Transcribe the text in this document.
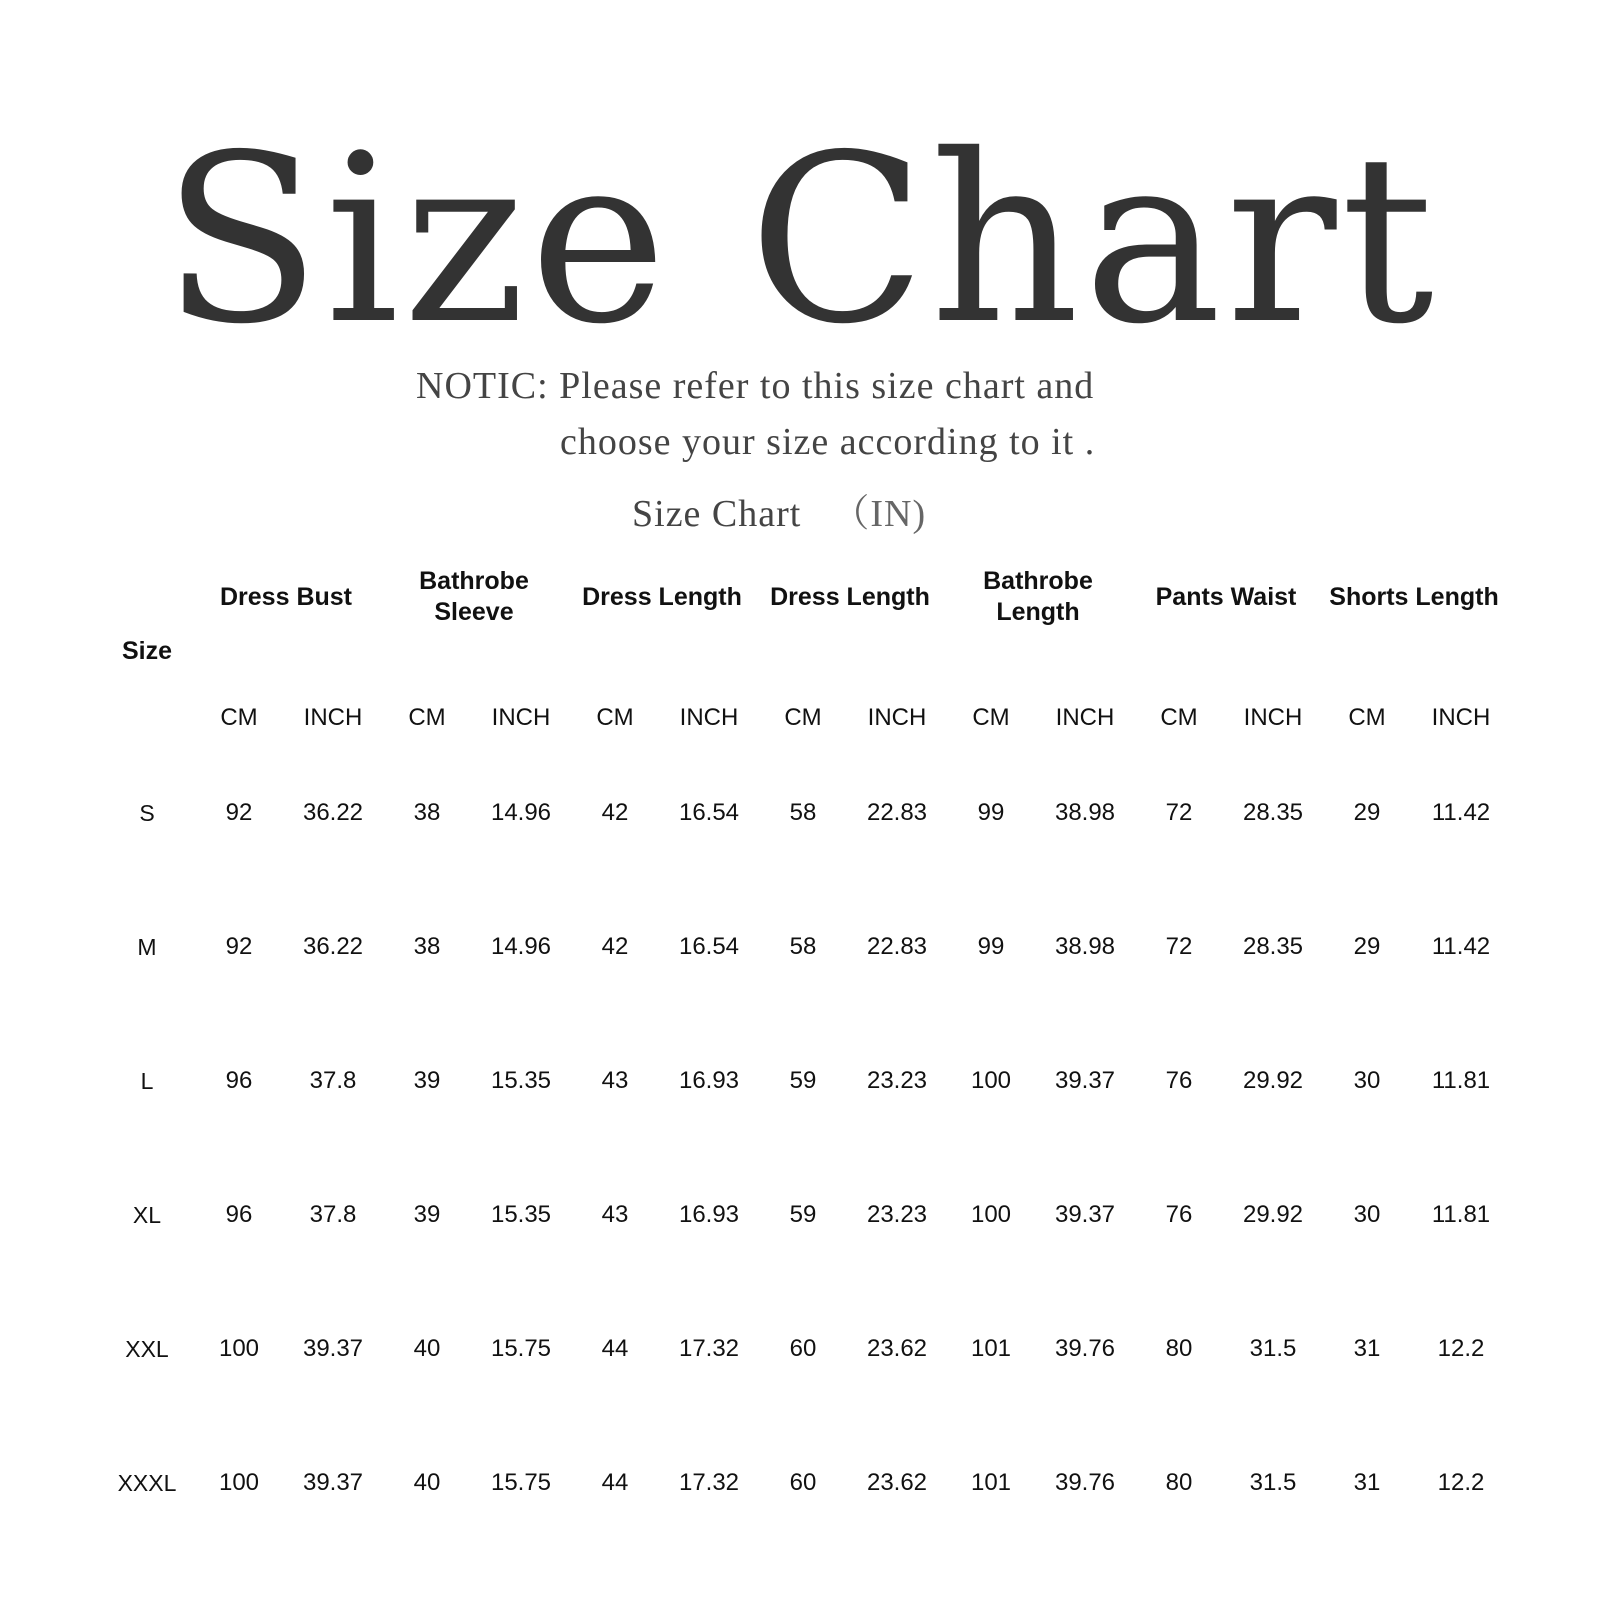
Size Chart
NOTIC: Please refer to this size chart and
choose your size according to it .
Size Chart （IN)
Size	Dress Bust		Bathrobe Sleeve		Dress Length		Dress Length		Bathrobe Length		Pants Waist		Shorts Length	

	CM	INCH	CM	INCH	CM	INCH	CM	INCH	CM	INCH	CM	INCH	CM	INCH
S	92	36.22	38	14.96	42	16.54	58	22.83	99	38.98	72	28.35	29	11.42
M	92	36.22	38	14.96	42	16.54	58	22.83	99	38.98	72	28.35	29	11.42
L	96	37.8	39	15.35	43	16.93	59	23.23	100	39.37	76	29.92	30	11.81
XL	96	37.8	39	15.35	43	16.93	59	23.23	100	39.37	76	29.92	30	11.81
XXL	100	39.37	40	15.75	44	17.32	60	23.62	101	39.76	80	31.5	31	12.2
XXXL	100	39.37	40	15.75	44	17.32	60	23.62	101	39.76	80	31.5	31	12.2
